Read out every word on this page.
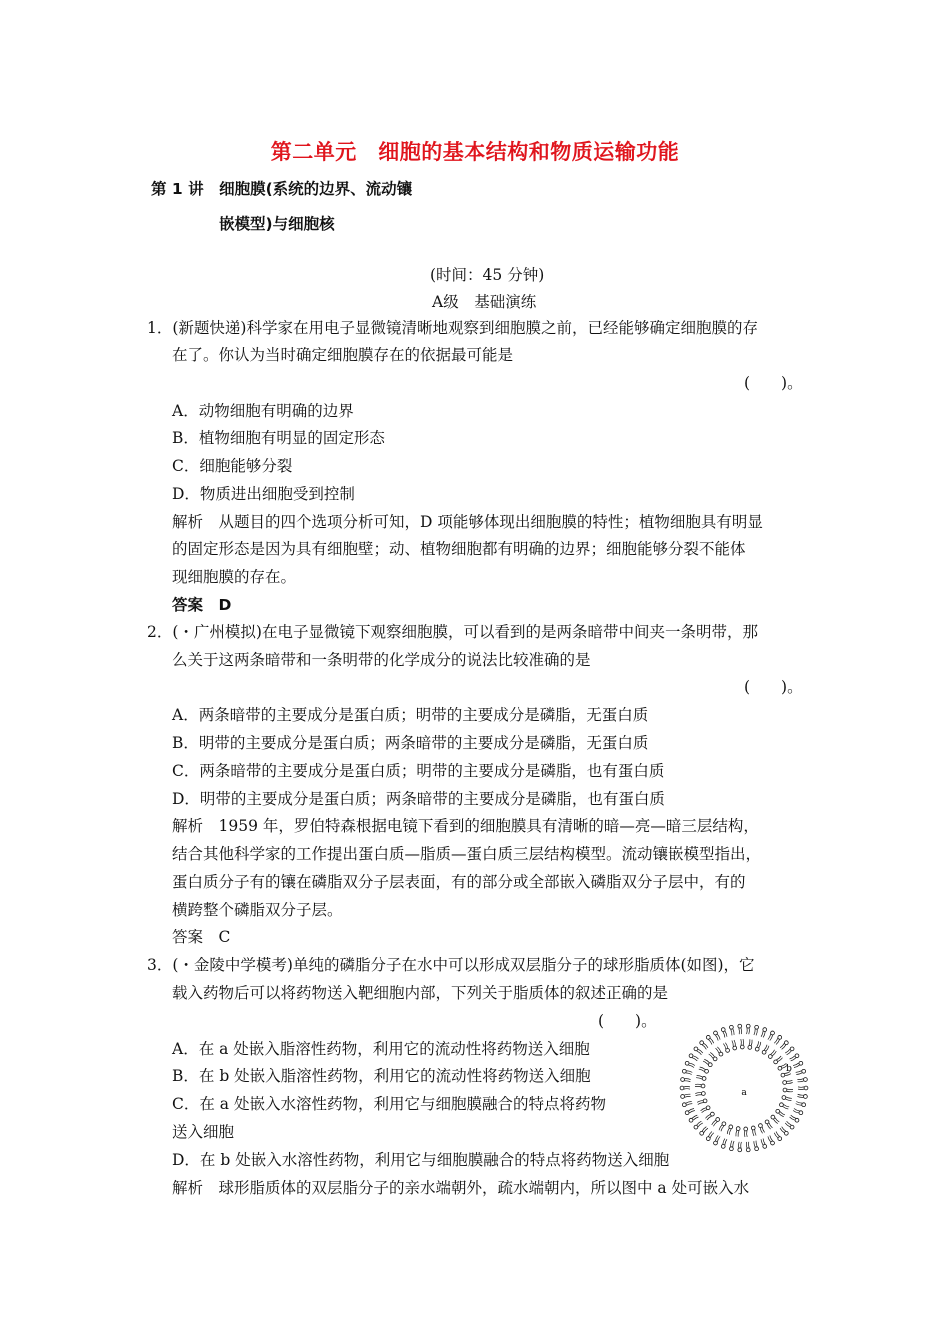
第二单元　细胞的基本结构和物质运输功能
第 1 讲　细胞膜(系统的边界、流动镶
嵌模型)与细胞核
(时间：45 分钟)
A级　基础演练
1．(新题快递)科学家在用电子显微镜清晰地观察到细胞膜之前，已经能够确定细胞膜的存
在了。你认为当时确定细胞膜存在的依据最可能是
(　　)。
A．动物细胞有明确的边界
B．植物细胞有明显的固定形态
C．细胞能够分裂
D．物质进出细胞受到控制
解析　从题目的四个选项分析可知，D 项能够体现出细胞膜的特性；植物细胞具有明显
的固定形态是因为具有细胞壁；动、植物细胞都有明确的边界；细胞能够分裂不能体
现细胞膜的存在。
答案　D
2．(・广州模拟)在电子显微镜下观察细胞膜，可以看到的是两条暗带中间夹一条明带，那
么关于这两条暗带和一条明带的化学成分的说法比较准确的是
(　　)。
A．两条暗带的主要成分是蛋白质；明带的主要成分是磷脂，无蛋白质
B．明带的主要成分是蛋白质；两条暗带的主要成分是磷脂，无蛋白质
C．两条暗带的主要成分是蛋白质；明带的主要成分是磷脂，也有蛋白质
D．明带的主要成分是蛋白质；两条暗带的主要成分是磷脂，也有蛋白质
解析　1959 年，罗伯特森根据电镜下看到的细胞膜具有清晰的暗—亮—暗三层结构，
结合其他科学家的工作提出蛋白质—脂质—蛋白质三层结构模型。流动镶嵌模型指出，
蛋白质分子有的镶在磷脂双分子层表面，有的部分或全部嵌入磷脂双分子层中，有的
横跨整个磷脂双分子层。
答案　C
3．(・金陵中学模考)单纯的磷脂分子在水中可以形成双层脂分子的球形脂质体(如图)，它
载入药物后可以将药物送入靶细胞内部，下列关于脂质体的叙述正确的是
(　　)。
A．在 a 处嵌入脂溶性药物，利用它的流动性将药物送入细胞
B．在 b 处嵌入脂溶性药物，利用它的流动性将药物送入细胞
C．在 a 处嵌入水溶性药物，利用它与细胞膜融合的特点将药物
送入细胞
D．在 b 处嵌入水溶性药物，利用它与细胞膜融合的特点将药物送入细胞
解析　球形脂质体的双层脂分子的亲水端朝外，疏水端朝内，所以图中 a 处可嵌入水
a
b
